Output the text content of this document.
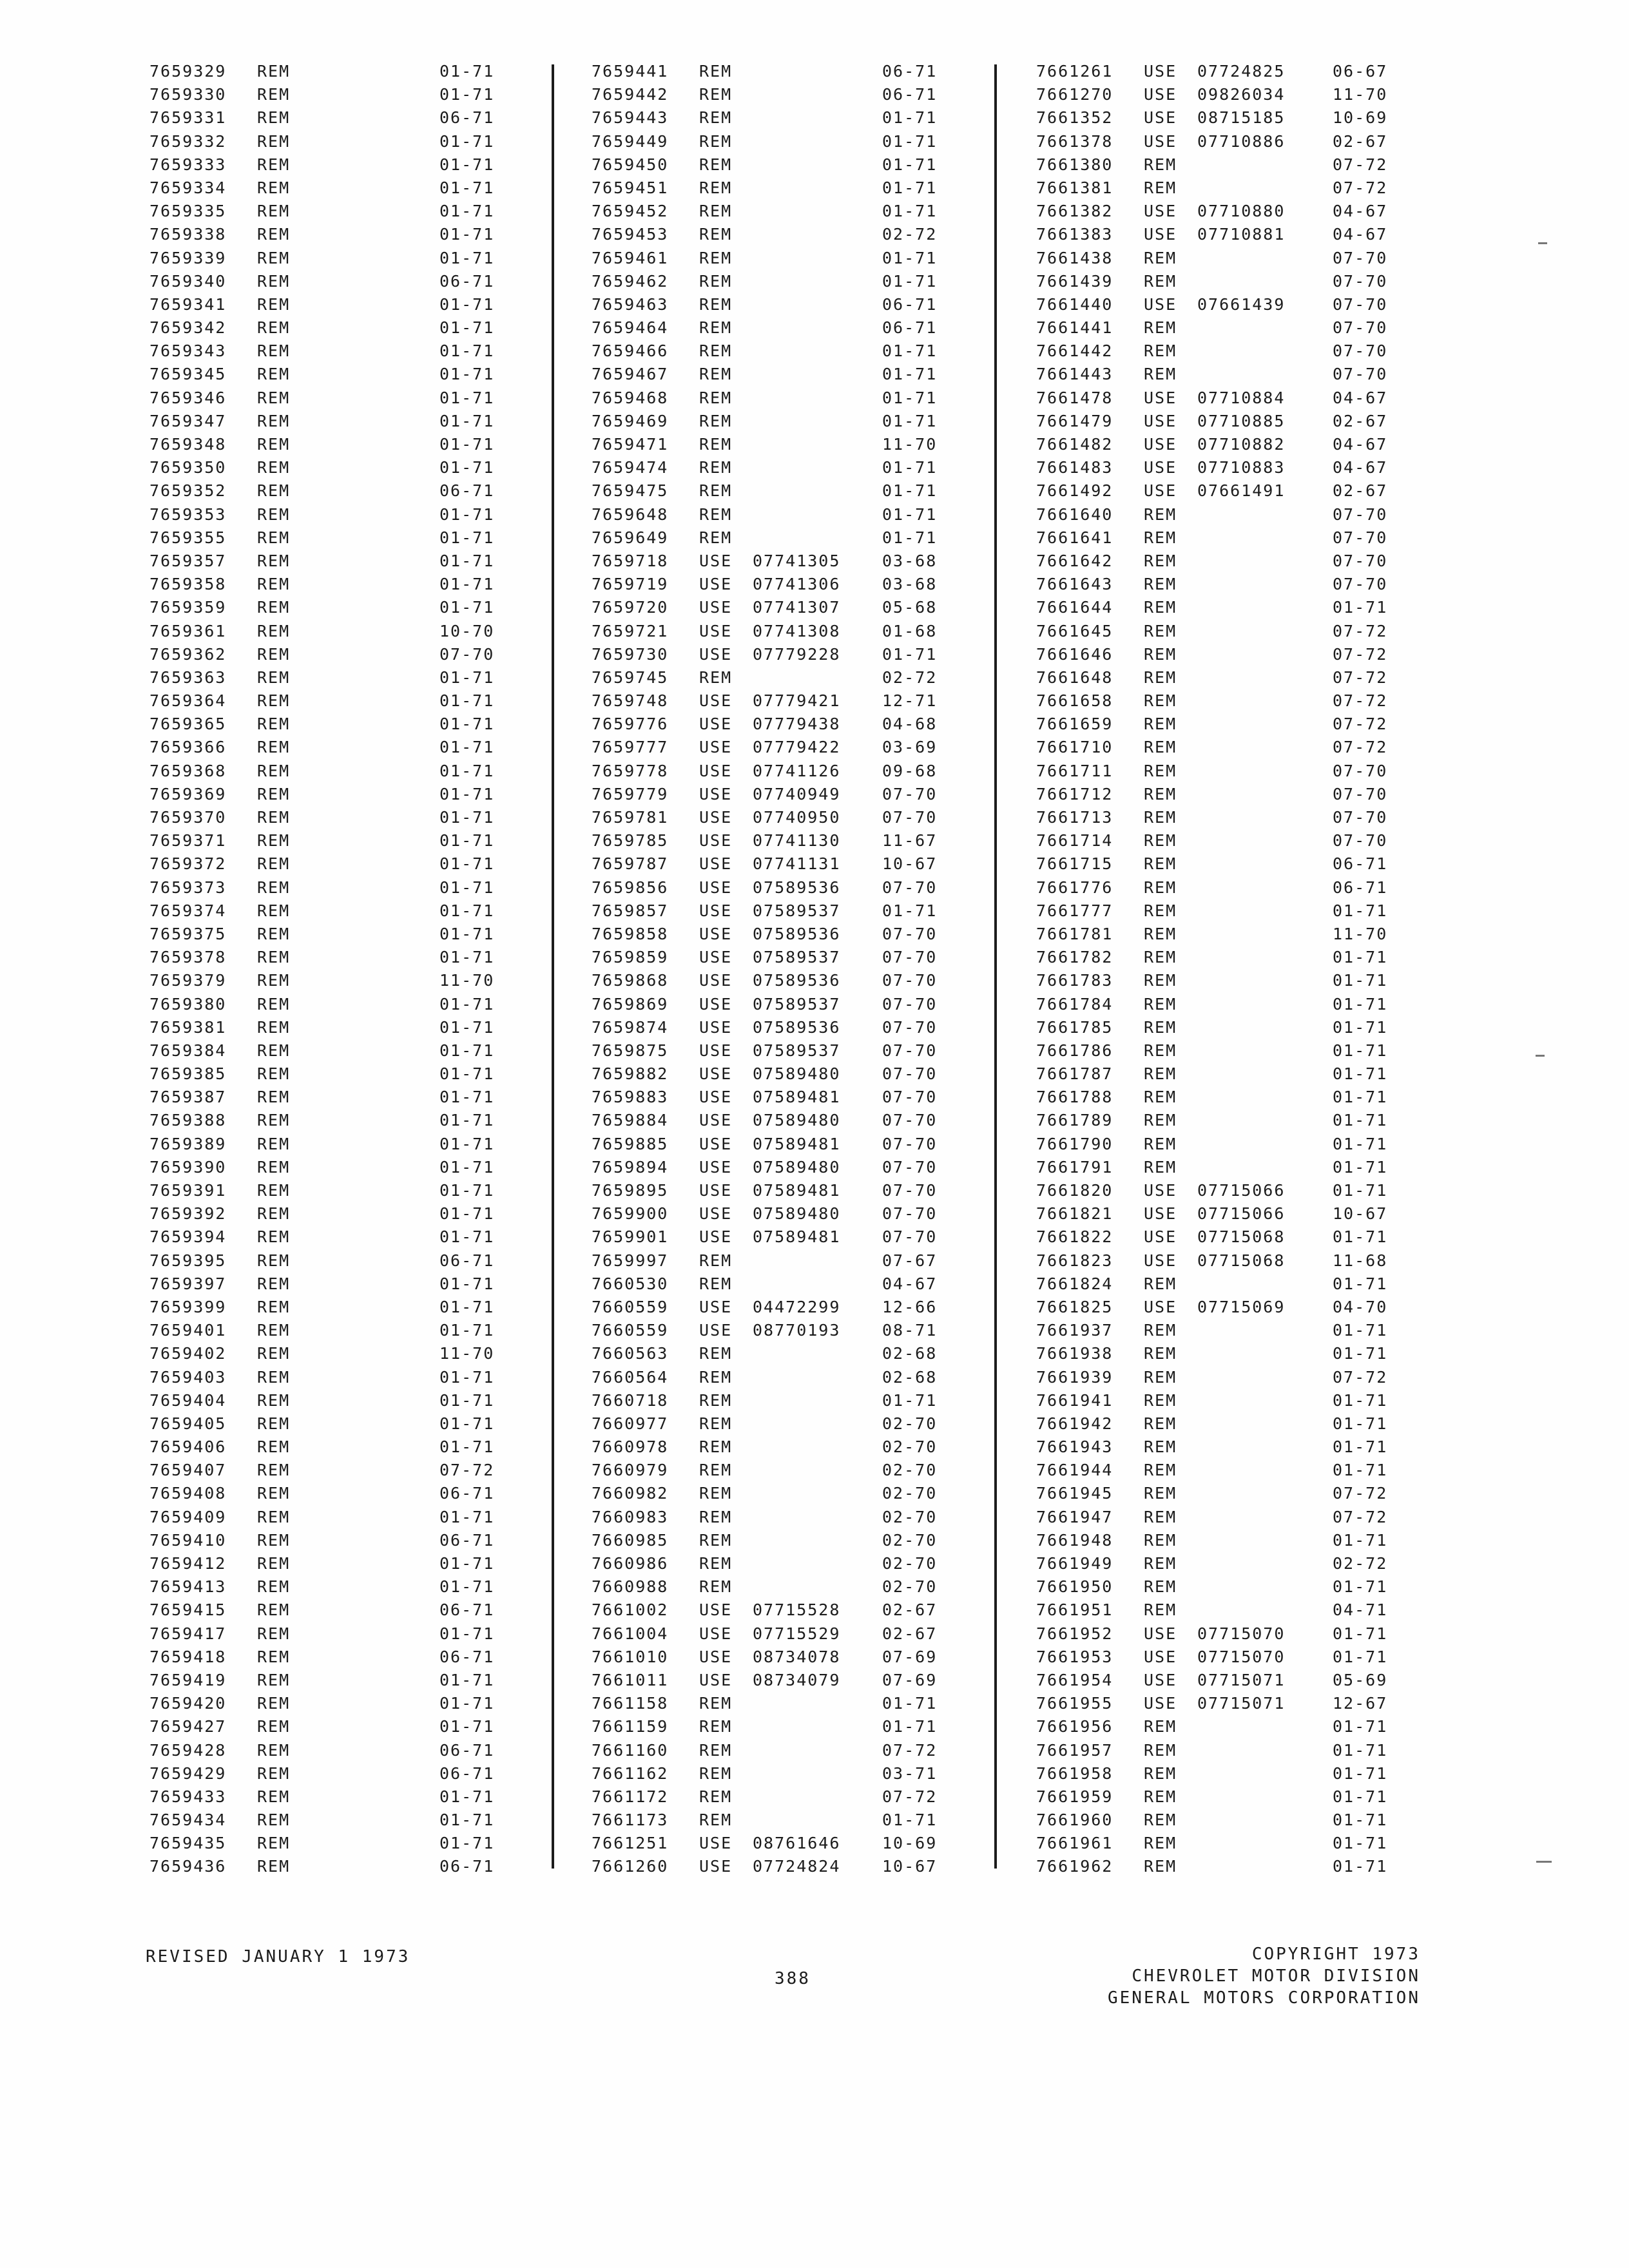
7659329 REM	01-71
7659330 REM	01-71
7659331 REM	06-71
7659332 REM	01-71
7659333 REM	01-71
7659334 REM	01-71
7659335 REM	01-71
7659338 REM	01-71
7659339 REM	01-71
7659340 REM	06-71
7659341 REM	01-71
7659342 REM	01-71
7659343 REM	01-71
7659345 REM	01-71
7659346 REM	01-71
7659347 REM	01-71
7659348 REM	01-71
7659350 REM	01-71
7659352 REM	06-71
7659353 REM	01-71
7659355 REM	01-71
7659357 REM	01-71
7659358 REM	01-71
7659359 REM	01-71
7659361 REM	10-70
7659362 REM	07-70
7659363 REM	01-71
7659364 REM	01-71
7659365 REM	01-71
7659366 REM	01-71
7659368 REM	01-71
7659369 REM	01-71
7659370 REM	01-71
7659371 REM	01-71
7659372 REM	01-71
7659373 REM	01-71
7659374 REM	01-71
7659375 REM	01-71
7659378 REM	01-71
7659379 REM	11-70
7659380 REM	01-71
7659381 REM	01-71
7659384 REM	01-71
7659385 REM	01-71
7659387 REM	01-71
7659388 REM	01-71
7659389 REM	01-71
7659390 REM	01-71
7659391 REM	01-71
7659392 REM	01-71
7659394 REM	01-71
7659395 REM	06-71
7659397 REM	01-71
7659399 REM	01-71
7659401 REM	01-71
7659402 REM	11-70
7659403 REM	01-71
7659404 REM	01-71
7659405 REM	01-71
7659406 REM	01-71
7659407 REM	07-72
7659408 REM	06-71
7659409 REM	01-71
7659410 REM	06-71
7659412 REM	01-71
7659413 REM	01-71
7659415 REM	06-71
7659417 REM	01-71
7659418 REM	06-71
7659419 REM	01-71
7659420 REM	01-71
7659427 REM	01-71
7659428 REM	06-71
7659429 REM	06-71
7659433 REM	01-71
7659434 REM	01-71
7659435 REM	01-71
7659436 REM	06-71
7659441 REM	06-71
7659442 REM	06-71
7659443 REM	01-71
7659449 REM	01-71
7659450 REM	01-71
7659451 REM	01-71
7659452 REM	01-71
7659453 REM	02-72
7659461 REM	01-71
7659462 REM	01-71
7659463 REM	06-71
7659464 REM	06-71
7659466 REM	01-71
7659467 REM	01-71
7659468 REM	01-71
7659469 REM	01-71
7659471 REM	11-70
7659474 REM	01-71
7659475 REM	01-71
7659648 REM	01-71
7659649 REM	01-71
7659718 USE 07741305	03-68
7659719 USE 07741306	03-68
7659720 USE 07741307	05-68
7659721 USE 07741308	01-68
7659730 USE 07779228	01-71
7659745 REM	02-72
7659748 USE 07779421	12-71
7659776 USE 07779438	04-68
7659777 USE 07779422	03-69
7659778 USE 07741126	09-68
7659779 USE 07740949	07-70
7659781 USE 07740950	07-70
7659785 USE 07741130	11-67
7659787 USE 07741131	10-67
7659856 USE 07589536	07-70
7659857 USE 07589537	01-71
7659858 USE 07589536	07-70
7659859 USE 07589537	07-70
7659868 USE 07589536	07-70
7659869 USE 07589537	07-70
7659874 USE 07589536	07-70
7659875 USE 07589537	07-70
7659882 USE 07589480	07-70
7659883 USE 07589481	07-70
7659884 USE 07589480	07-70
7659885 USE 07589481	07-70
7659894 USE 07589480	07-70
7659895 USE 07589481	07-70
7659900 USE 07589480	07-70
7659901 USE 07589481	07-70
7659997 REM	07-67
7660530 REM	04-67
7660559 USE 04472299	12-66
7660559 USE 08770193	08-71
7660563 REM	02-68
7660564 REM	02-68
7660718 REM	01-71
7660977 REM	02-70
7660978 REM	02-70
7660979 REM	02-70
7660982 REM	02-70
7660983 REM	02-70
7660985 REM	02-70
7660986 REM	02-70
7660988 REM	02-70
7661002 USE 07715528	02-67
7661004 USE 07715529	02-67
7661010 USE 08734078	07-69
7661011 USE 08734079	07-69
7661158 REM	01-71
7661159 REM	01-71
7661160 REM	07-72
7661162 REM	03-71
7661172 REM	07-72
7661173 REM	01-71
7661251 USE 08761646	10-69
7661260 USE 07724824	10-67
7661261 USE 07724825	06-67
7661270 USE 09826034	11-70
7661352 USE 08715185	10-69
7661378 USE 07710886	02-67
7661380 REM	07-72
7661381 REM	07-72
7661382 USE 07710880	04-67
7661383 USE 07710881	04-67
7661438 REM	07-70
7661439 REM	07-70
7661440 USE 07661439	07-70
7661441 REM	07-70
7661442 REM	07-70
7661443 REM	07-70
7661478 USE 07710884	04-67
7661479 USE 07710885	02-67
7661482 USE 07710882	04-67
7661483 USE 07710883	04-67
7661492 USE 07661491	02-67
7661640 REM	07-70
7661641 REM	07-70
7661642 REM	07-70
7661643 REM	07-70
7661644 REM	01-71
7661645 REM	07-72
7661646 REM	07-72
7661648 REM	07-72
7661658 REM	07-72
7661659 REM	07-72
7661710 REM	07-72
7661711 REM	07-70
7661712 REM	07-70
7661713 REM	07-70
7661714 REM	07-70
7661715 REM	06-71
7661776 REM	06-71
7661777 REM	01-71
7661781 REM	11-70
7661782 REM	01-71
7661783 REM	01-71
7661784 REM	01-71
7661785 REM	01-71
7661786 REM	01-71
7661787 REM	01-71
7661788 REM	01-71
7661789 REM	01-71
7661790 REM	01-71
7661791 REM	01-71
7661820 USE 07715066	01-71
7661821 USE 07715066	10-67
7661822 USE 07715068	01-71
7661823 USE 07715068	11-68
7661824 REM	01-71
7661825 USE 07715069	04-70
7661937 REM	01-71
7661938 REM	01-71
7661939 REM	07-72
7661941 REM	01-71
7661942 REM	01-71
7661943 REM	01-71
7661944 REM	01-71
7661945 REM	07-72
7661947 REM	07-72
7661948 REM	01-71
7661949 REM	02-72
7661950 REM	01-71
7661951 REM	04-71
7661952 USE 07715070	01-71
7661953 USE 07715070	01-71
7661954 USE 07715071	05-69
7661955 USE 07715071	12-67
7661956 REM	01-71
7661957 REM	01-71
7661958 REM	01-71
7661959 REM	01-71
7661960 REM	01-71
7661961 REM	01-71
7661962 REM	01-71
REVISED JANUARY 1 1973
388
COPYRIGHT 1973
CHEVROLET MOTOR DIVISION
GENERAL MOTORS CORPORATION
